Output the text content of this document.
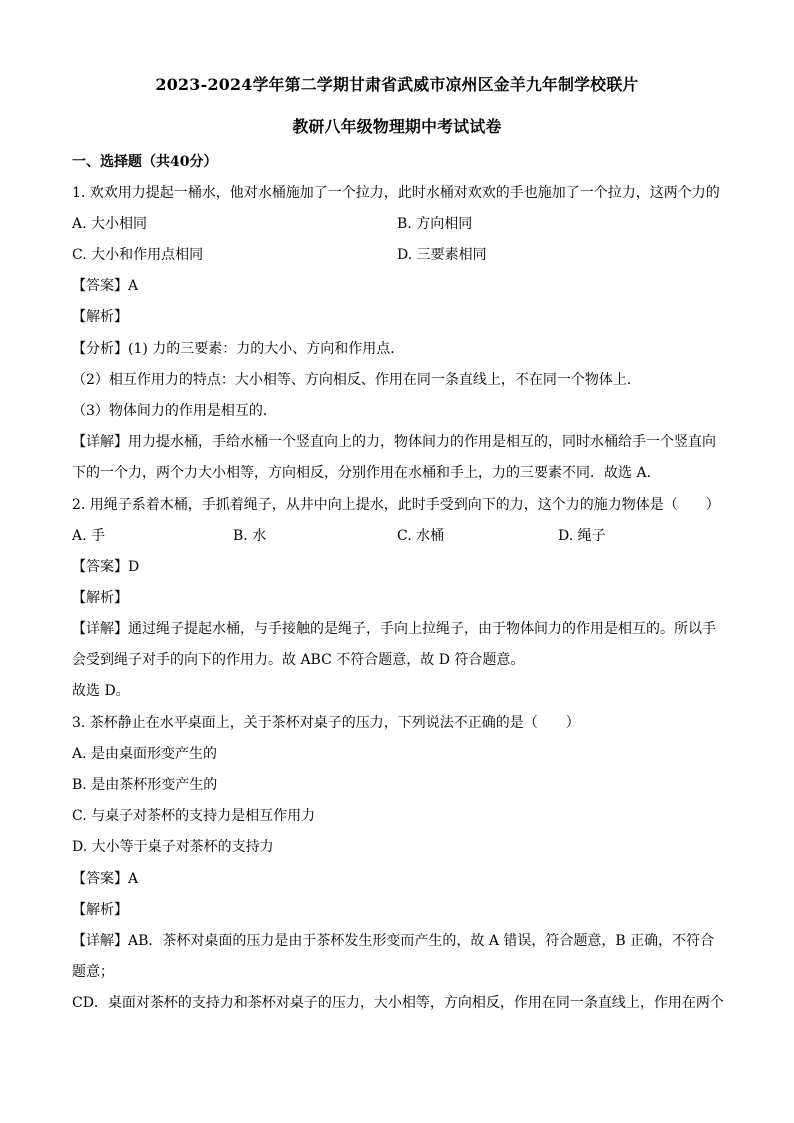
2023-2024学年第二学期甘肃省武威市凉州区金羊九年制学校联片
教研八年级物理期中考试试卷
一、选择题（共40分）
1. 欢欢用力提起一桶水，他对水桶施加了一个拉力，此时水桶对欢欢的手也施加了一个拉力，这两个力的
A. 大小相同	B. 方向相同
C. 大小和作用点相同	D. 三要素相同
【答案】A
【解析】
【分析】(1) 力的三要素：力的大小、方向和作用点．
（2）相互作用力的特点：大小相等、方向相反、作用在同一条直线上，不在同一个物体上．
（3）物体间力的作用是相互的．
【详解】用力提水桶，手给水桶一个竖直向上的力，物体间力的作用是相互的，同时水桶给手一个竖直向
下的一个力，两个力大小相等，方向相反，分别作用在水桶和手上，力的三要素不同．故选 A.
2. 用绳子系着木桶，手抓着绳子，从井中向上提水，此时手受到向下的力，这个力的施力物体是（　　）
A. 手	B. 水	C. 水桶	D. 绳子
【答案】D
【解析】
【详解】通过绳子提起水桶，与手接触的是绳子，手向上拉绳子，由于物体间力的作用是相互的。所以手
会受到绳子对手的向下的作用力。故 ABC 不符合题意，故 D 符合题意。
故选 D。
3. 茶杯静止在水平桌面上，关于茶杯对桌子的压力，下列说法不正确的是（　　）
A. 是由桌面形变产生的
B. 是由茶杯形变产生的
C. 与桌子对茶杯的支持力是相互作用力
D. 大小等于桌子对茶杯的支持力
【答案】A
【解析】
【详解】AB．茶杯对桌面的压力是由于茶杯发生形变而产生的，故 A 错误，符合题意，B 正确，不符合
题意；
CD．桌面对茶杯的支持力和茶杯对桌子的压力，大小相等，方向相反，作用在同一条直线上，作用在两个
